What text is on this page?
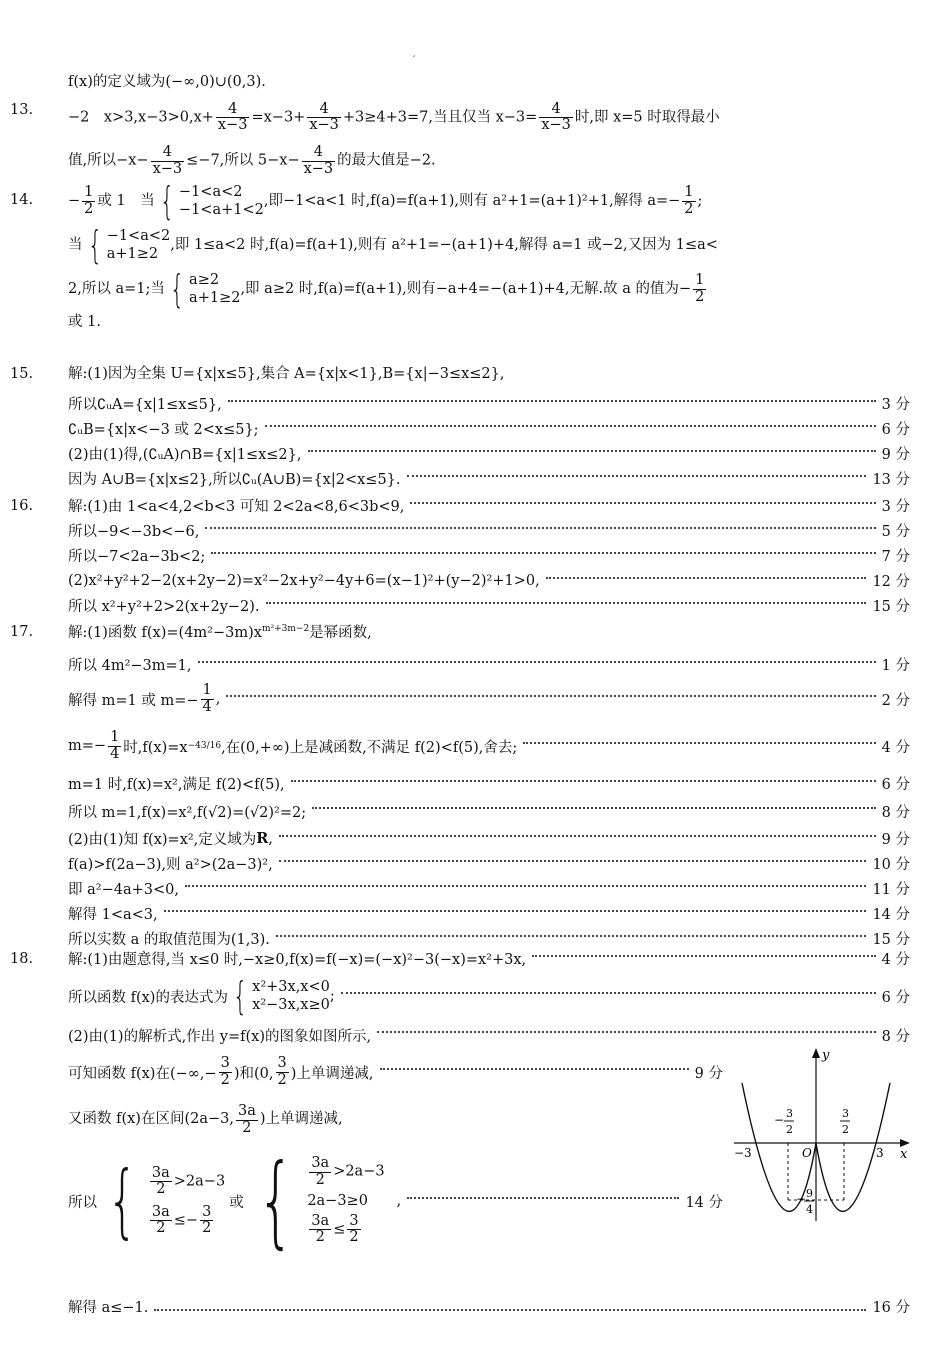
′
f(x)的定义域为(−∞,0)∪(0,3).
13. −2　$x>3,x-3>0,x+ \frac{4}{x-3} =x-3+ \frac{4}{x-3} +3\ge 4+3=7$,当且仅当 $x-3= \frac{4}{x-3}$ 时,即 x=5 时取得最小
值,所以$-x- \frac{4}{x-3} \le-7$,所以 $5-x- \frac{4}{x-3}$ 的最大值是−2.
14. − $\frac{1}{2}$ 或 1　当 { −1<a<2
−1<a+1<2
,即−1<a<1 时,f(a)=f(a+1),则有 a²+1=(a+1)²+1,解得 $a=- \frac{1}{2}$ ;
当 { −1<a<2
a+1≥2
,即 1≤a<2 时,f(a)=f(a+1),则有 a²+1=−(a+1)+4,解得 a=1 或−2,又因为 1≤a<
2,所以 a=1;当 { a≥2
a+1≥2
,即 a≥2 时,f(a)=f(a+1),则有−a+4=−(a+1)+4,无解.故 a 的值为− $\frac{1}{2}$
或 1.
15. 解:(1)因为全集 U={x|x≤5},集合 A={x|x<1},B={x|−3≤x≤2},
所以∁ᵤA={x|1≤x≤5},	3 分
∁ᵤB={x|x<−3 或 2<x≤5};	6 分
(2)由(1)得,(∁ᵤA)∩B={x|1≤x≤2},	9 分
因为 A∪B={x|x≤2},所以∁ᵤ(A∪B)={x|2<x≤5}.	13 分
16. 解:(1)由 1<a<4,2<b<3 可知 2<2a<8,6<3b<9,	3 分
所以−9<−3b<−6,	5 分
所以−7<2a−3b<2;	7 分
(2)x²+y²+2−2(x+2y−2)=x²−2x+y²−4y+6=(x−1)²+(y−2)²+1>0,	12 分
所以 x²+y²+2>2(x+2y−2).	15 分
17. 解:(1)函数 $f(x)=(4m^2-3m)x^{m^2+3m-2}$是幂函数,
所以 4m²−3m=1,	1 分
解得 m=1 或 $m=- \frac{1}{4}$ ,	2 分
$m=- \frac{1}{4}$ 时,f(x)=x −43/16 ,在(0,+∞)上是减函数,不满足 f(2)<f(5),舍去;	4 分
m=1 时,f(x)=x²,满足 f(2)<f(5),	6 分
所以 m=1,f(x)=x²,f(√2)=(√2)²=2;	8 分
(2)由(1)知 f(x)=x²,定义域为 R ,	9 分
f(a)>f(2a−3),则 a²>(2a−3)²,	10 分
即 a²−4a+3<0,	11 分
解得 1<a<3,	14 分
所以实数 a 的取值范围为(1,3).	15 分
18. 解:(1)由题意得,当 x≤0 时,−x≥0,f(x)=f(−x)=(−x)²−3(−x)=x²+3x,	4 分
所以函数 f(x)的表达式为 { x²+3x,x<0
x²−3x,x≥0
;	6 分
(2)由(1)的解析式,作出 y=f(x)的图象如图所示,	8 分
可知函数 f(x)在(−∞,− $\frac{3}{2}$ )和(0, $\frac{3}{2}$ )上单调递减,	9 分
又函数 f(x)在区间(2a−3, $\frac{3a}{2}$ )上单调递减,
所以 { $\frac{3a}{2} >2a-3$
$\frac{3a}{2} \le- \frac{3}{2}$
或 { $\frac{3a}{2} >2a-3$
2a−3≥0
$\frac{3a}{2} \le \frac{3}{2}$
,	14 分
解得 a≤−1.	16 分
y
x
O
−3	3
− 3
2
3
2
− 9
4
